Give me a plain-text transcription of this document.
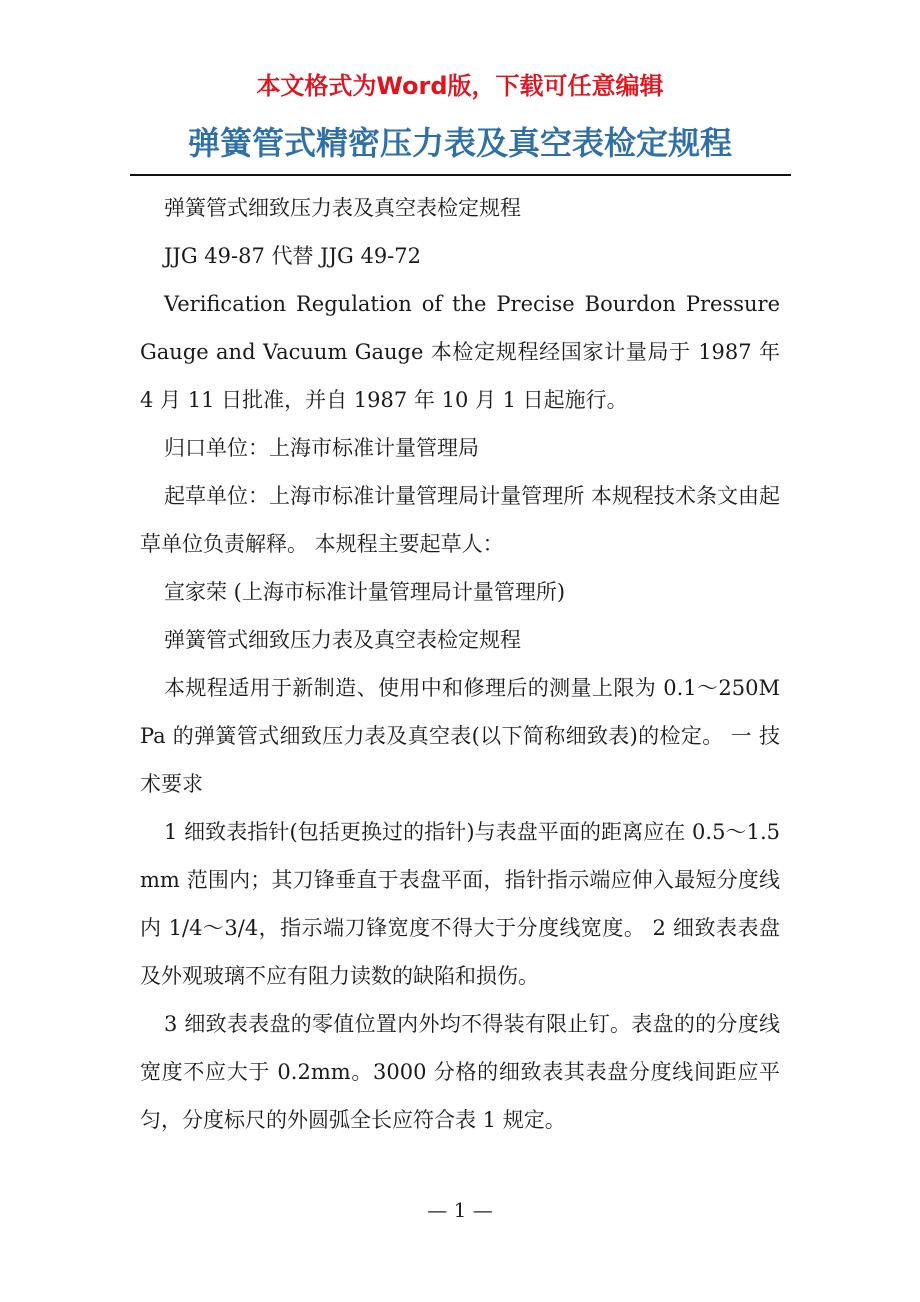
本文格式为Word版，下载可任意编辑
弹簧管式精密压力表及真空表检定规程

弹簧管式细致压力表及真空表检定规程

JJG 49-87 代替 JJG 49-72

Verification Regulation of the Precise Bourdon Pressure Gauge and Vacuum Gauge 本检定规程经国家计量局于 1987 年 4 月 11 日批准，并自 1987 年 10 月 1 日起施行。

归口单位：上海市标准计量管理局

起草单位：上海市标准计量管理局计量管理所 本规程技术条文由起草单位负责解释。 本规程主要起草人：

宣家荣 (上海市标准计量管理局计量管理所)

弹簧管式细致压力表及真空表检定规程

本规程适用于新制造、使用中和修理后的测量上限为 0.1～250MPa 的弹簧管式细致压力表及真空表(以下简称细致表)的检定。 一 技术要求

1 细致表指针(包括更换过的指针)与表盘平面的距离应在 0.5～1.5mm 范围内；其刀锋垂直于表盘平面，指针指示端应伸入最短分度线内 1/4～3/4，指示端刀锋宽度不得大于分度线宽度。 2 细致表表盘及外观玻璃不应有阻力读数的缺陷和损伤。

3 细致表表盘的零值位置内外均不得装有限止钉。表盘的的分度线宽度不应大于 0.2mm。3000 分格的细致表其表盘分度线间距应平匀，分度标尺的外圆弧全长应符合表 1 规定。

— 1 —
